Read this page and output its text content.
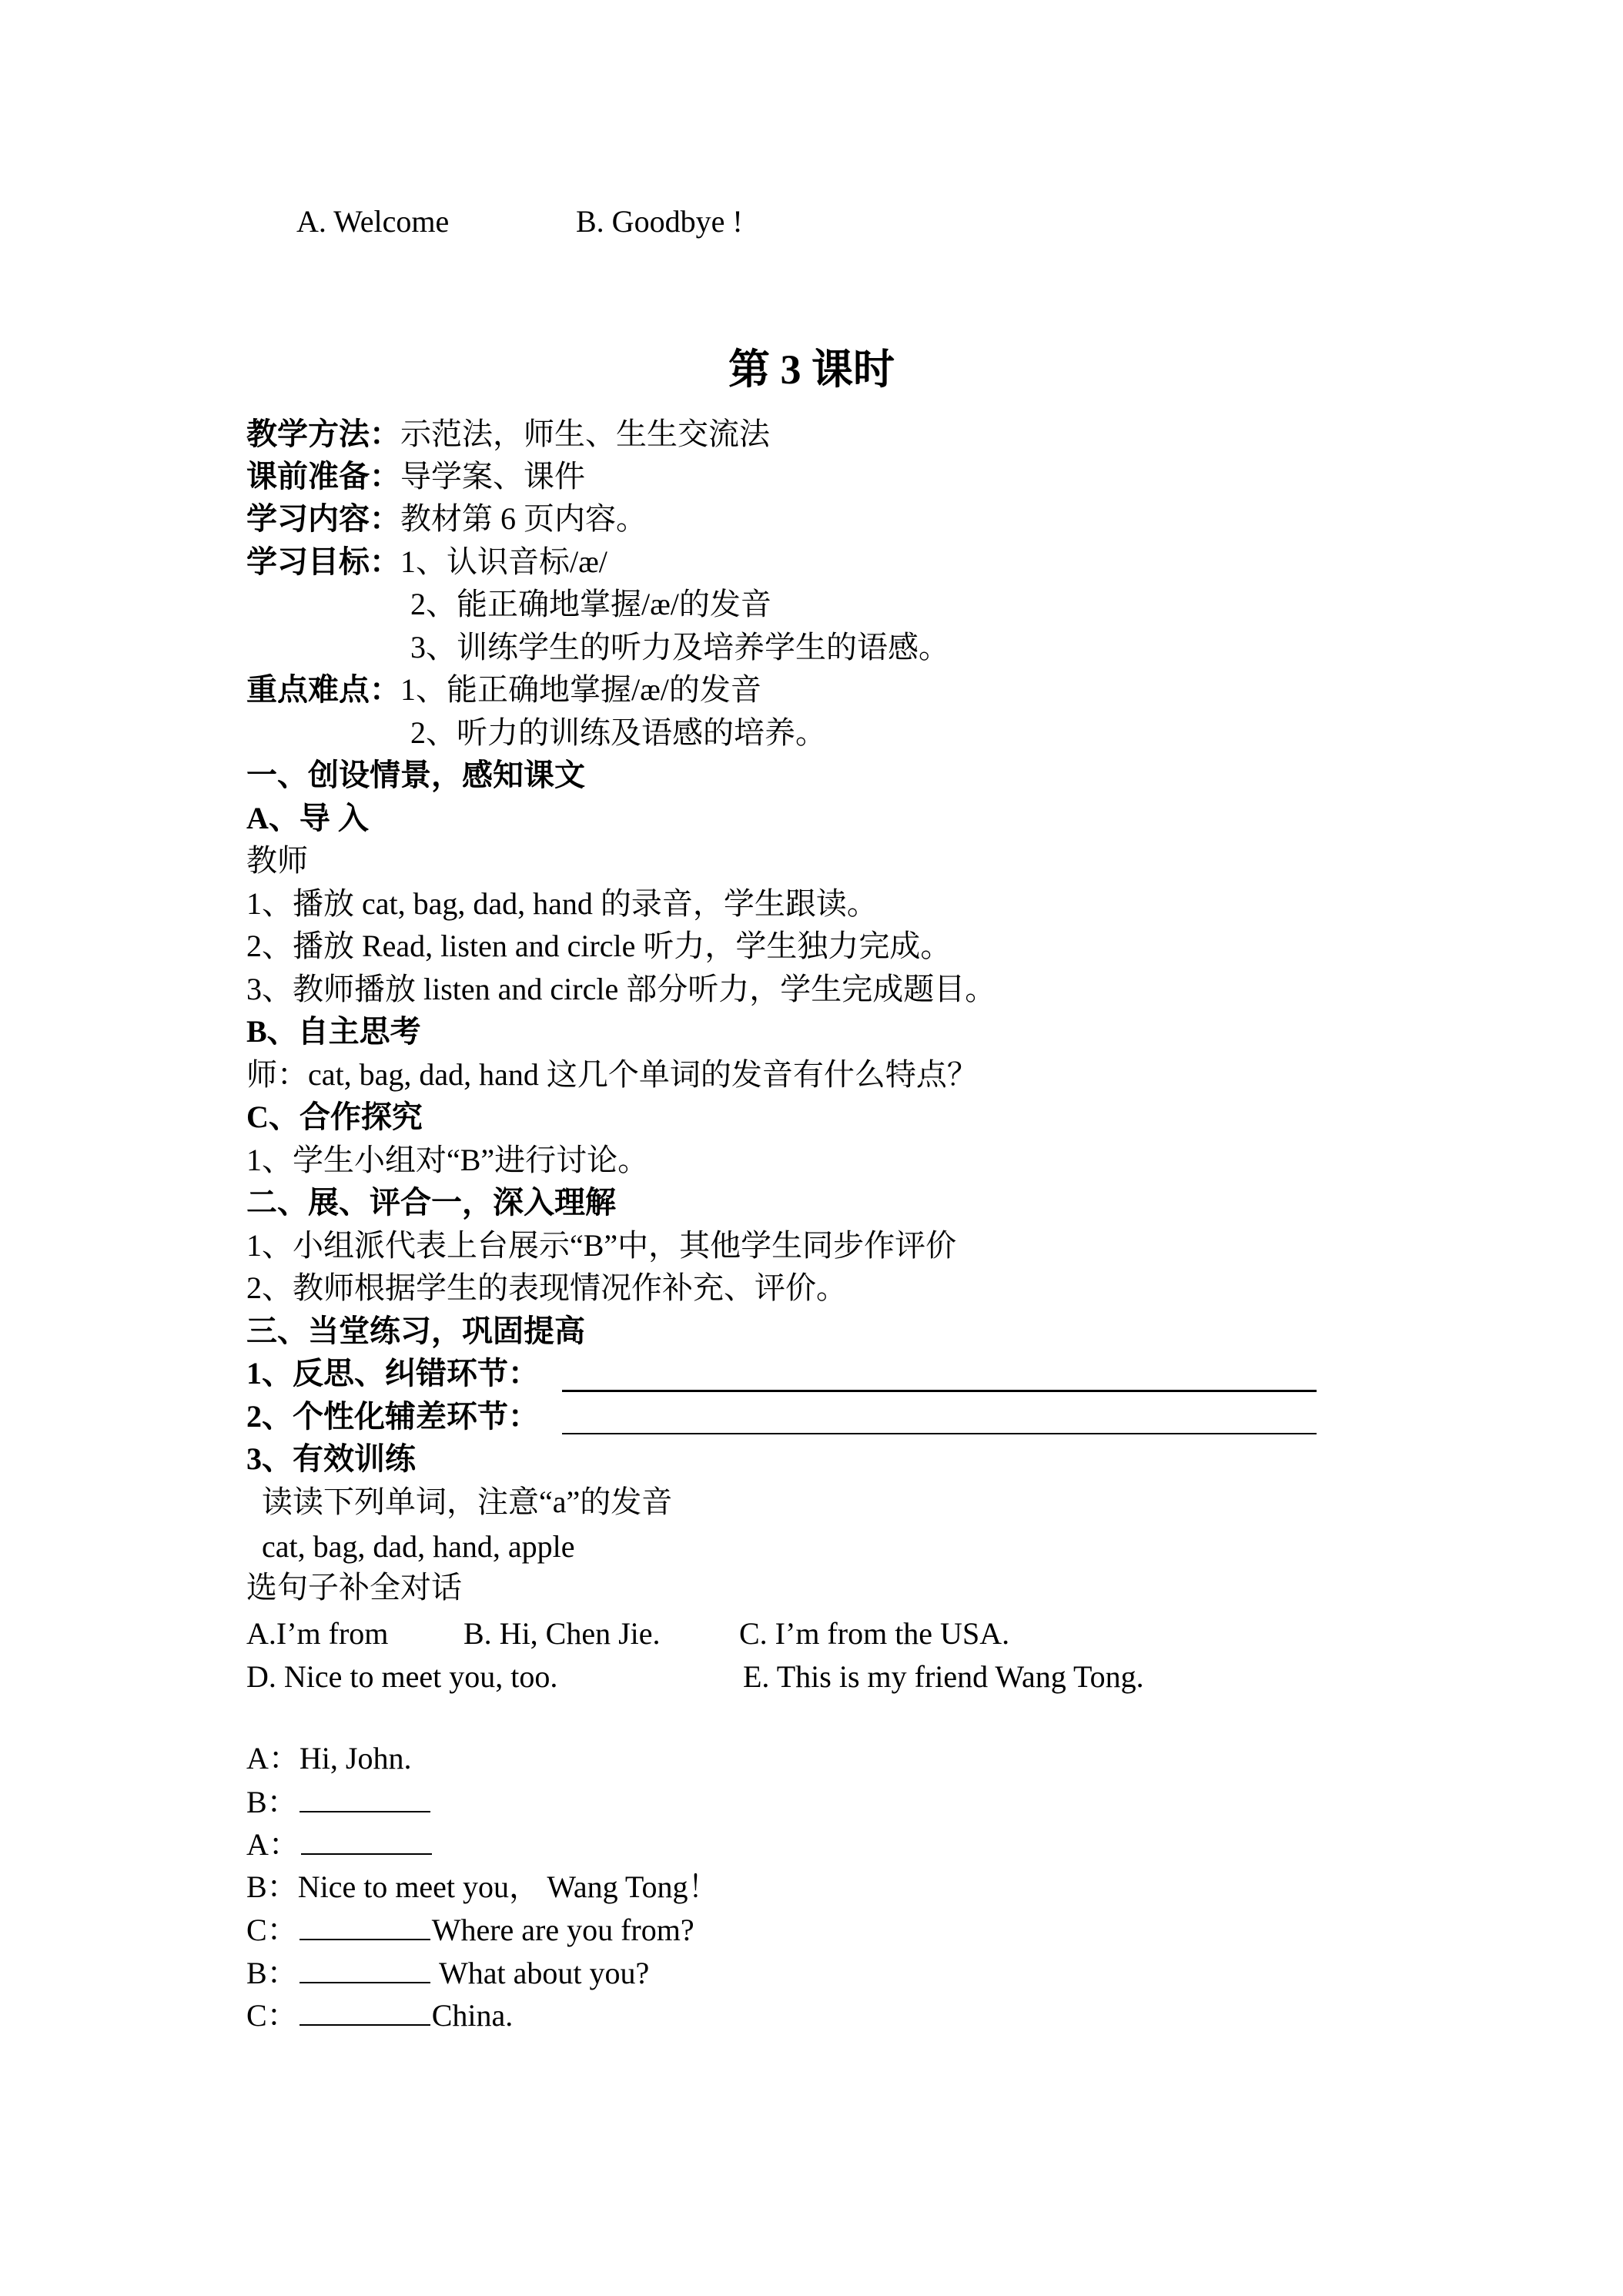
A. Welcome	B. Goodbye !
第 3 课时
教学方法：示范法，师生、生生交流法
课前准备：导学案、课件
学习内容：教材第 6 页内容。
学习目标：1、认识音标/æ/
2、能正确地掌握/æ/的发音
3、训练学生的听力及培养学生的语感。
重点难点：1、能正确地掌握/æ/的发音
2、听力的训练及语感的培养。
一、创设情景，感知课文
A、导 入
教师
1、播放 cat, bag, dad, hand 的录音，学生跟读。
2、播放 Read, listen and circle 听力，学生独力完成。
3、教师播放 listen and circle 部分听力，学生完成题目。
B、自主思考
师：cat, bag, dad, hand 这几个单词的发音有什么特点？
C、合作探究
1、学生小组对“B”进行讨论。
二、展、评合一，深入理解
1、小组派代表上台展示“B”中，其他学生同步作评价
2、教师根据学生的表现情况作补充、评价。
三、当堂练习，巩固提高
1、反思、纠错环节：
2、个性化辅差环节：
3、有效训练
读读下列单词，注意“a”的发音
cat, bag, dad, hand, apple
选句子补全对话
A.I’m from B. Hi, Chen Jie.	C. I’m from the USA.
D. Nice to meet you, too.	E. This is my friend Wang Tong.
A：Hi, John.
B：
A：
B：Nice to meet you， Wang Tong！
C：	Where are you from?
B：	What about you?
C：	China.
